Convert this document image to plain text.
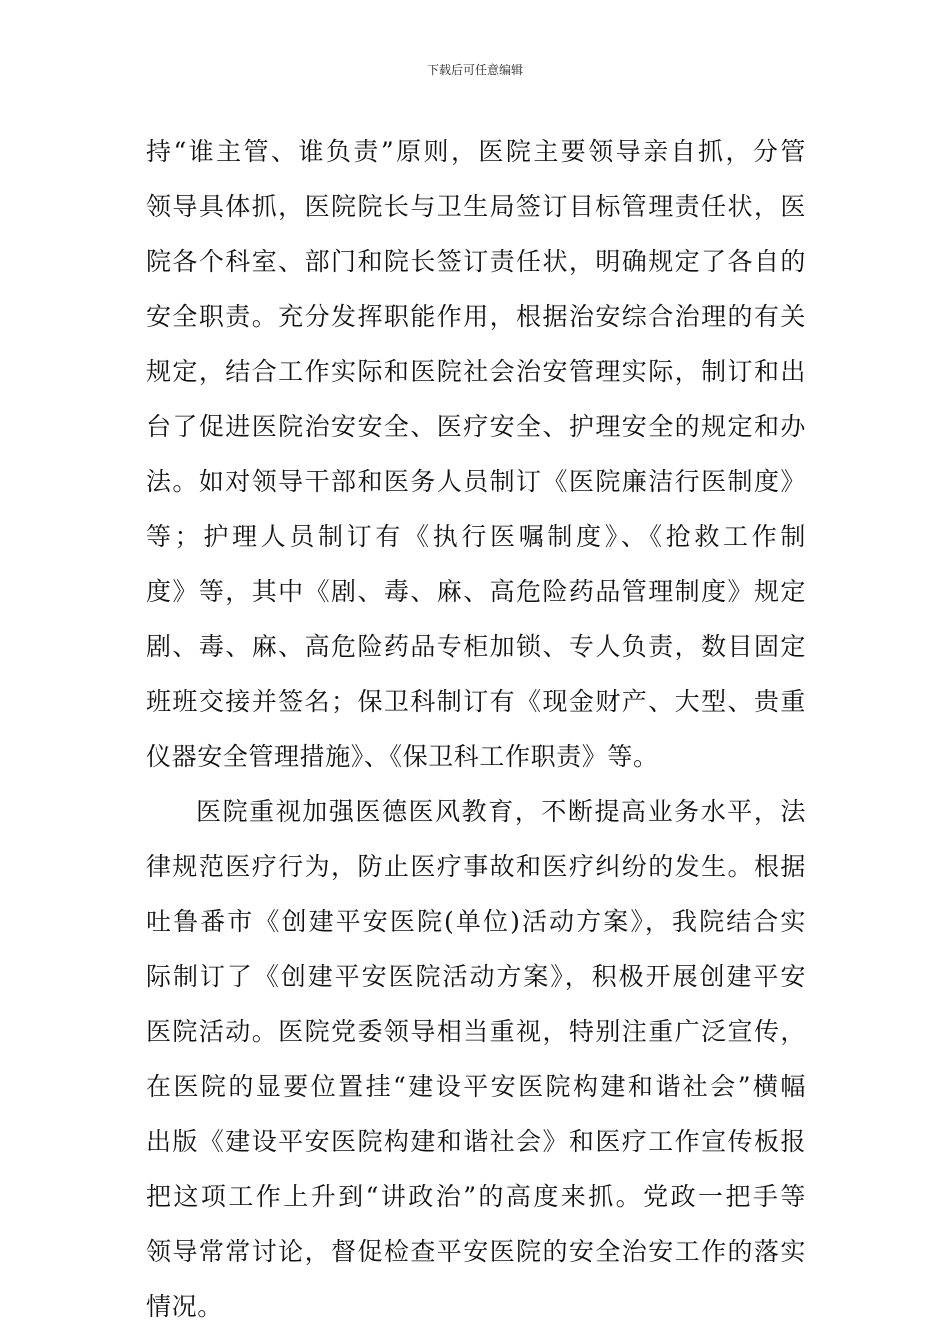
下载后可任意编辑
持“谁主管、谁负责”原则，医院主要领导亲自抓，分管
领导具体抓，医院院长与卫生局签订目标管理责任状，医
院各个科室、部门和院长签订责任状，明确规定了各自的
安全职责。充分发挥职能作用，根据治安综合治理的有关
规定，结合工作实际和医院社会治安管理实际，制订和出
台了促进医院治安安全、医疗安全、护理安全的规定和办
法。如对领导干部和医务人员制订《医院廉洁行医制度》
等；护理人员制订有《执行医嘱制度》、《抢救工作制
度》等，其中《剧、毒、麻、高危险药品管理制度》规定
剧、毒、麻、高危险药品专柜加锁、专人负责，数目固定
班班交接并签名；保卫科制订有《现金财产、大型、贵重
仪器安全管理措施》、《保卫科工作职责》等。
医院重视加强医德医风教育，不断提高业务水平，法
律规范医疗行为，防止医疗事故和医疗纠纷的发生。根据
吐鲁番市《创建平安医院(单位)活动方案》，我院结合实
际制订了《创建平安医院活动方案》，积极开展创建平安
医院活动。医院党委领导相当重视，特别注重广泛宣传，
在医院的显要位置挂“建设平安医院构建和谐社会”横幅
出版《建设平安医院构建和谐社会》和医疗工作宣传板报
把这项工作上升到“讲政治”的高度来抓。党政一把手等
领导常常讨论，督促检查平安医院的安全治安工作的落实
情况。
